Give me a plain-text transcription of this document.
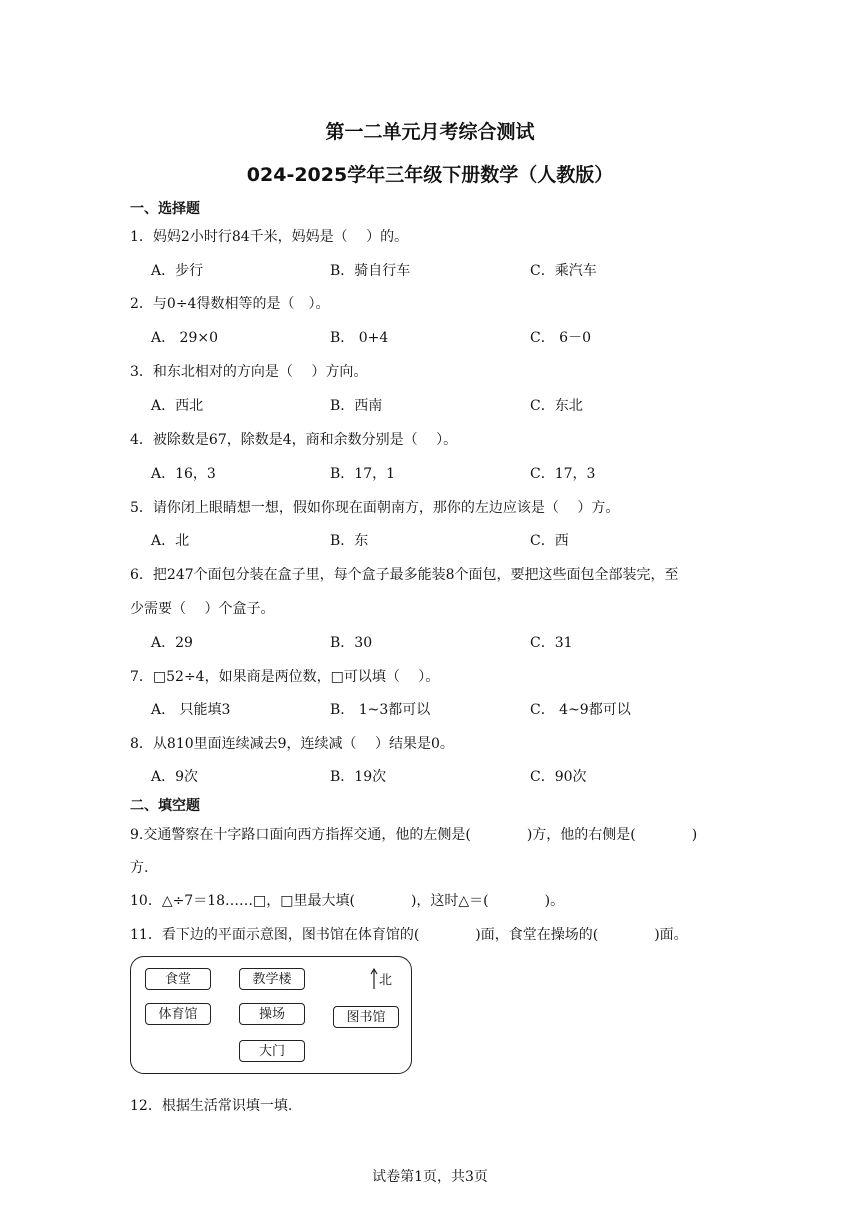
第一二单元月考综合测试
024-2025学年三年级下册数学（人教版）
一、选择题
1．妈妈2小时行84千米，妈妈是（　 ）的。
A．步行	B．骑自行车	C．乘汽车
2．与0÷4得数相等的是（　）。
A． 29×0	B． 0+4	C． 6－0
3．和东北相对的方向是（　 ）方向。
A．西北	B．西南	C．东北
4．被除数是67，除数是4，商和余数分别是（　 ）。
A．16，3	B．17，1	C．17，3
5．请你闭上眼睛想一想，假如你现在面朝南方，那你的左边应该是（　 ）方。
A．北	B．东	C．西
6．把247个面包分装在盒子里，每个盒子最多能装8个面包，要把这些面包全部装完，至
少需要（　 ）个盒子。
A．29	B．30	C．31
7．□52÷4，如果商是两位数，□可以填（　 ）。
A． 只能填3	B． 1~3都可以	C． 4~9都可以
8．从810里面连续减去9，连续减（　 ）结果是0。
A．9次	B．19次	C．90次
二、填空题
9.交通警察在十字路口面向西方指挥交通，他的左侧是(　　　　)方，他的右侧是(　　　　)
方.
10．△÷7＝18……□，□里最大填(　　　　)，这时△＝(　　　　)。
11．看下边的平面示意图，图书馆在体育馆的(　　　　)面，食堂在操场的(　　　　)面。
食堂	教学楼	北
体育馆	操场	图书馆
大门
12．根据生活常识填一填.
试卷第1页，共3页
